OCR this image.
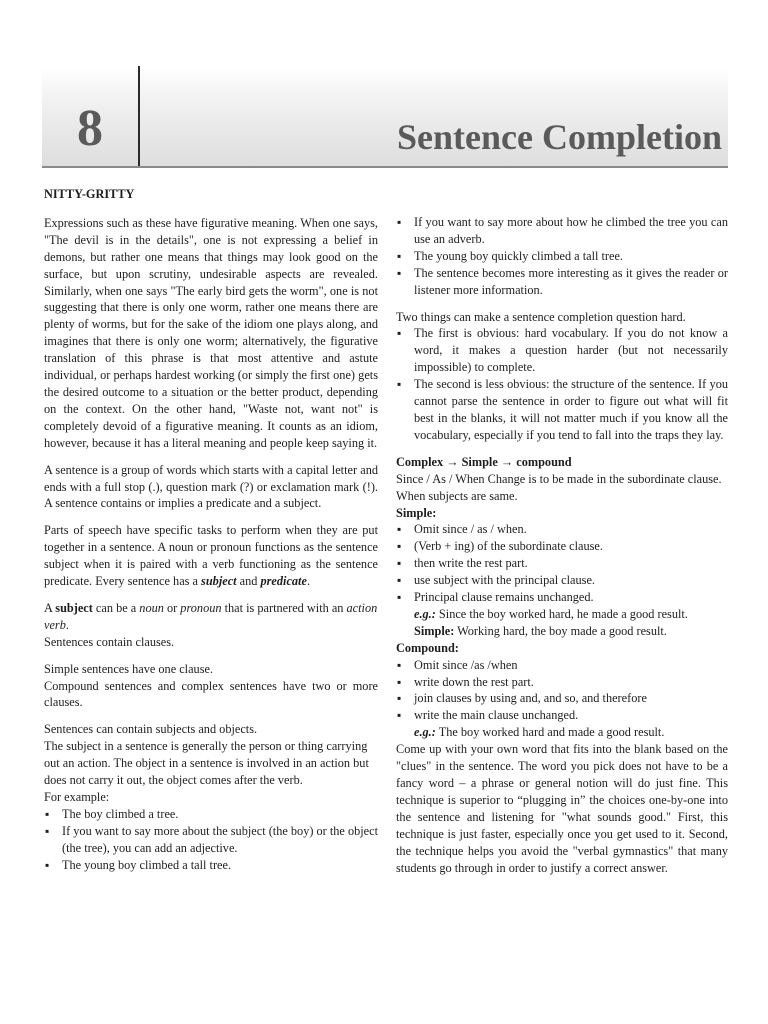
8	Sentence Completion
NITTY-GRITTY

Expressions such as these have figurative meaning. When one says, "The devil is in the details", one is not expressing a belief in demons, but rather one means that things may look good on the surface, but upon scrutiny, undesirable aspects are revealed. Similarly, when one says "The early bird gets the worm", one is not suggesting that there is only one worm, rather one means there are plenty of worms, but for the sake of the idiom one plays along, and imagines that there is only one worm; alternatively, the figurative translation of this phrase is that most attentive and astute individual, or perhaps hardest working (or simply the first one) gets the desired outcome to a situation or the better product, depending on the context. On the other hand, "Waste not, want not" is completely devoid of a figurative meaning. It counts as an idiom, however, because it has a literal meaning and people keep saying it.

A sentence is a group of words which starts with a capital letter and ends with a full stop (.), question mark (?) or exclamation mark (!). A sentence contains or implies a predicate and a subject.

Parts of speech have specific tasks to perform when they are put together in a sentence. A noun or pronoun functions as the sentence subject when it is paired with a verb functioning as the sentence predicate. Every sentence has a subject and predicate.

A subject can be a noun or pronoun that is partnered with an action verb.

Sentences contain clauses.

Simple sentences have one clause.

Compound sentences and complex sentences have two or more clauses.

Sentences can contain subjects and objects.

The subject in a sentence is generally the person or thing carrying out an action. The object in a sentence is involved in an action but does not carry it out, the object comes after the verb.

For example:

▪ The boy climbed a tree.
▪ If you want to say more about the subject (the boy) or the object (the tree), you can add an adjective.
▪ The young boy climbed a tall tree.
▪ If you want to say more about how he climbed the tree you can use an adverb.
▪ The young boy quickly climbed a tall tree.
▪ The sentence becomes more interesting as it gives the reader or listener more information.

Two things can make a sentence completion question hard.

▪ The first is obvious: hard vocabulary. If you do not know a word, it makes a question harder (but not necessarily impossible) to complete.
▪ The second is less obvious: the structure of the sentence. If you cannot parse the sentence in order to figure out what will fit best in the blanks, it will not matter much if you know all the vocabulary, especially if you tend to fall into the traps they lay.
Complex → Simple → compound

Since / As / When Change is to be made in the subordinate clause. When subjects are same.

Simple:
▪ Omit since / as / when.
▪ (Verb + ing) of the subordinate clause.
▪ then write the rest part.
▪ use subject with the principal clause.
▪ Principal clause remains unchanged.

e.g.: Since the boy worked hard, he made a good result.

Simple: Working hard, the boy made a good result.

Compound:
▪ Omit since /as /when
▪ write down the rest part.
▪ join clauses by using and, and so, and therefore
▪ write the main clause unchanged.

e.g.: The boy worked hard and made a good result.

Come up with your own word that fits into the blank based on the "clues" in the sentence. The word you pick does not have to be a fancy word – a phrase or general notion will do just fine. This technique is superior to “plugging in” the choices one-by-one into the sentence and listening for "what sounds good." First, this technique is just faster, especially once you get used to it. Second, the technique helps you avoid the "verbal gymnastics" that many students go through in order to justify a correct answer.
